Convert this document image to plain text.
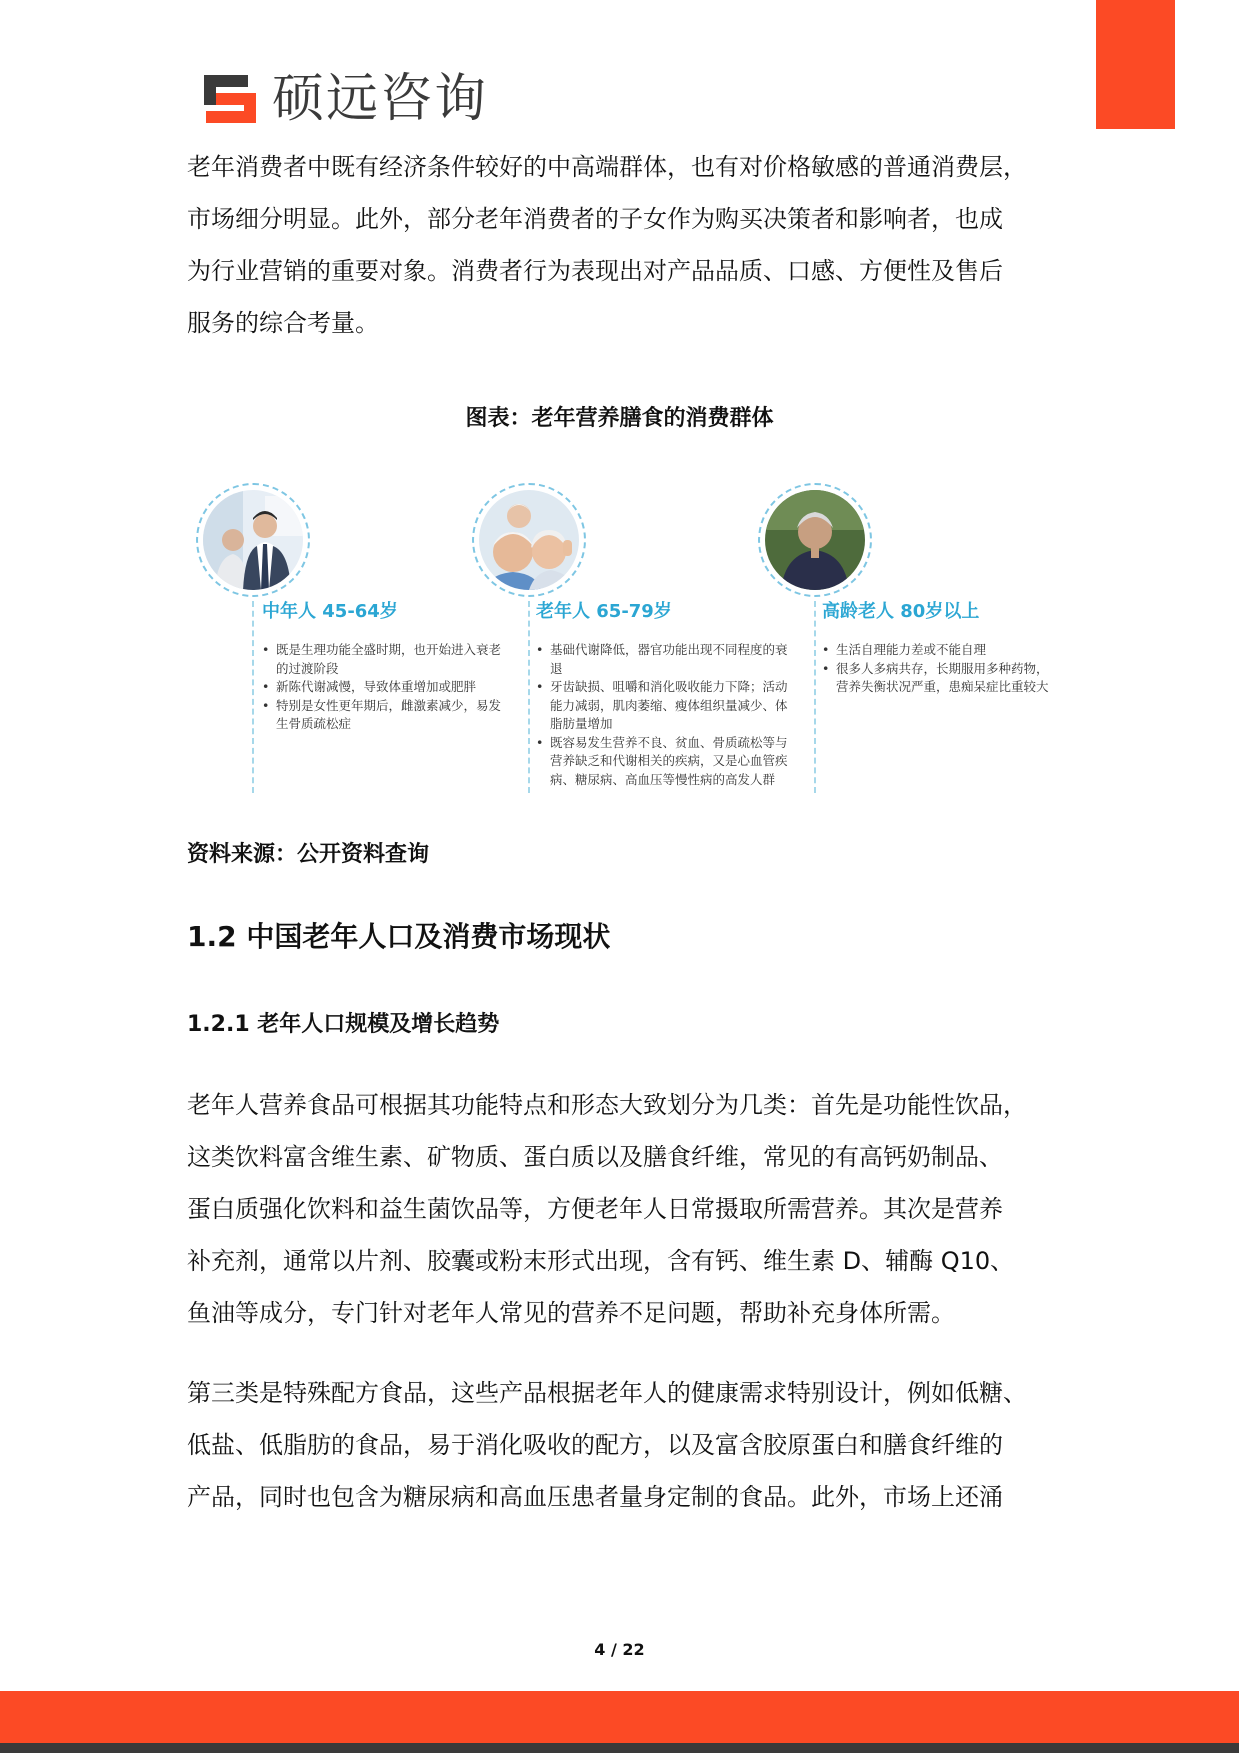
硕远咨询

老年消费者中既有经济条件较好的中高端群体，也有对价格敏感的普通消费层，
市场细分明显。此外，部分老年消费者的子女作为购买决策者和影响者，也成
为行业营销的重要对象。消费者行为表现出对产品品质、口感、方便性及售后
服务的综合考量。

图表：老年营养膳食的消费群体
中年人 45-64岁
• 既是生理功能全盛时期，也开始进入衰老的过渡阶段
• 新陈代谢减慢，导致体重增加或肥胖
• 特别是女性更年期后，雌激素减少，易发生骨质疏松症
老年人 65-79岁
• 基础代谢降低，器官功能出现不同程度的衰退
• 牙齿缺损、咀嚼和消化吸收能力下降；活动能力减弱，肌肉萎缩、瘦体组织量减少、体脂肪量增加
• 既容易发生营养不良、贫血、骨质疏松等与营养缺乏和代谢相关的疾病，又是心血管疾病、糖尿病、高血压等慢性病的高发人群
高龄老人 80岁以上
• 生活自理能力差或不能自理
• 很多人多病共存，长期服用多种药物，营养失衡状况严重，患痴呆症比重较大
资料来源：公开资料查询
1.2 中国老年人口及消费市场现状
1.2.1 老年人口规模及增长趋势

老年人营养食品可根据其功能特点和形态大致划分为几类：首先是功能性饮品，
这类饮料富含维生素、矿物质、蛋白质以及膳食纤维，常见的有高钙奶制品、
蛋白质强化饮料和益生菌饮品等，方便老年人日常摄取所需营养。其次是营养
补充剂，通常以片剂、胶囊或粉末形式出现，含有钙、维生素 D、辅酶 Q10、
鱼油等成分，专门针对老年人常见的营养不足问题，帮助补充身体所需。

第三类是特殊配方食品，这些产品根据老年人的健康需求特别设计，例如低糖、
低盐、低脂肪的食品，易于消化吸收的配方，以及富含胶原蛋白和膳食纤维的
产品，同时也包含为糖尿病和高血压患者量身定制的食品。此外，市场上还涌

4 / 22
